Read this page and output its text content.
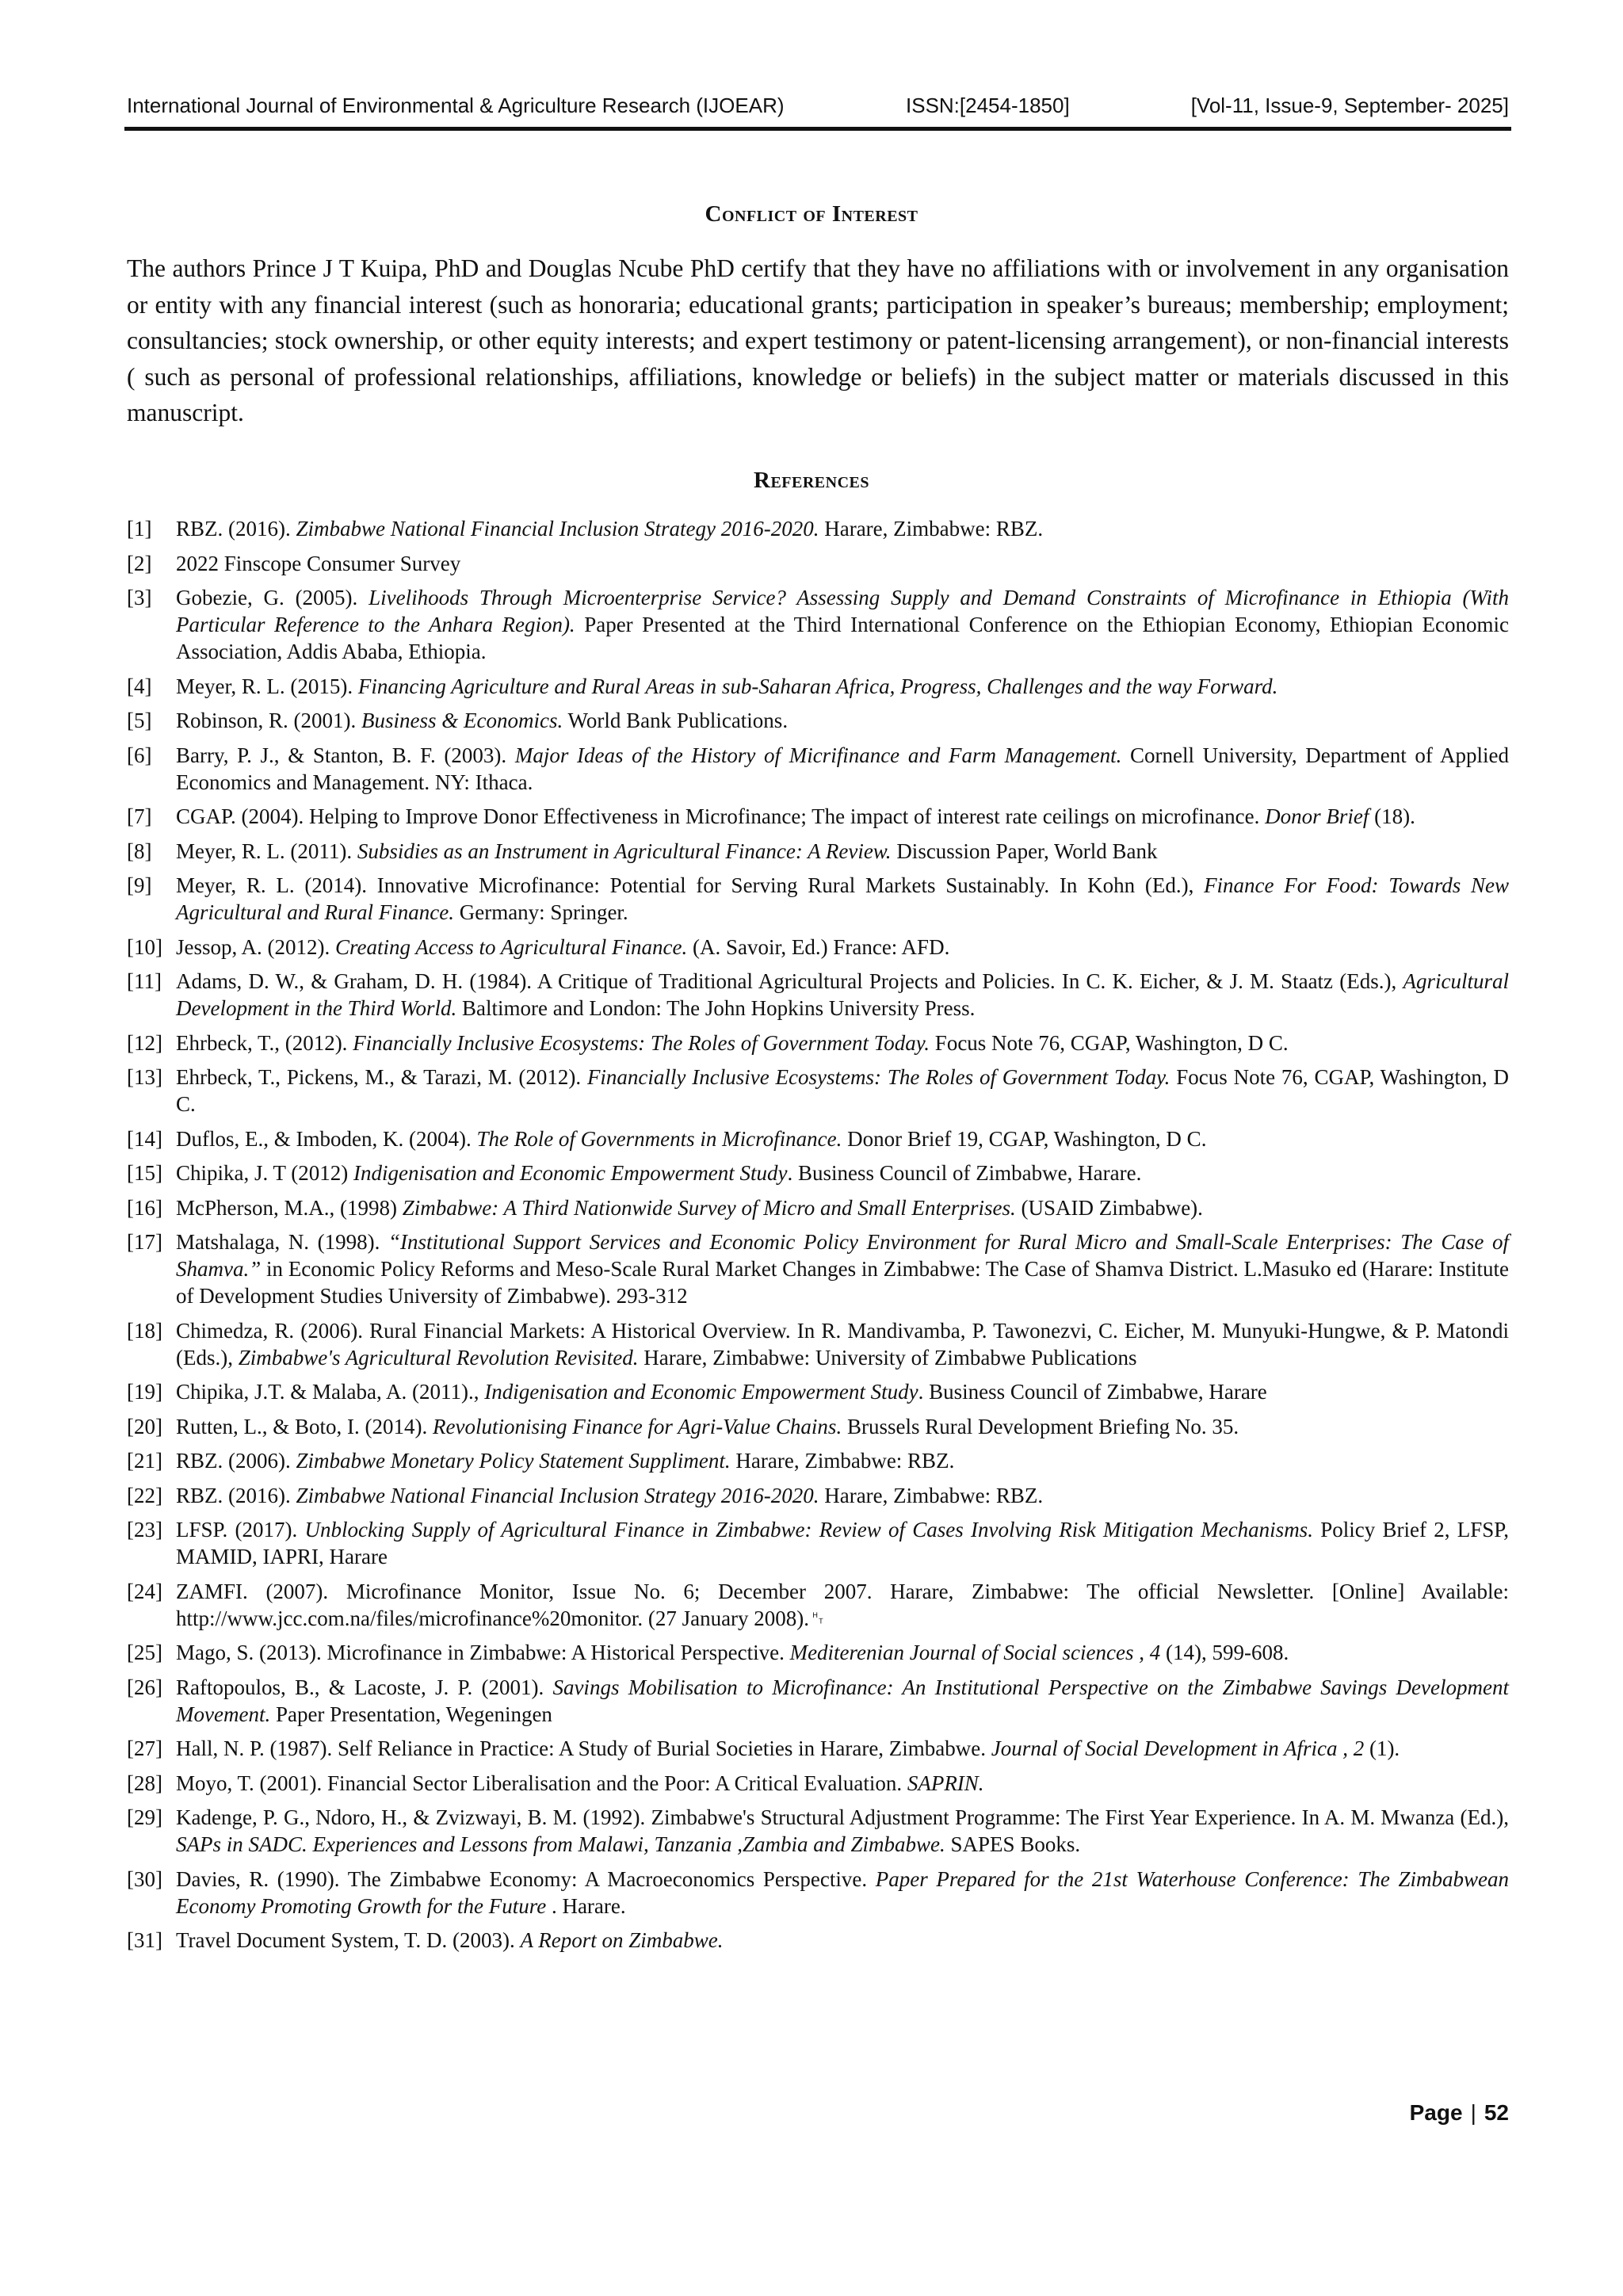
International Journal of Environmental & Agriculture Research (IJOEAR)	ISSN:[2454-1850]	[Vol-11, Issue-9, September- 2025]
Conflict of Interest
The authors Prince J T Kuipa, PhD and Douglas Ncube PhD certify that they have no affiliations with or involvement in any organisation or entity with any financial interest (such as honoraria; educational grants; participation in speaker’s bureaus; membership; employment; consultancies; stock ownership, or other equity interests; and expert testimony or patent-licensing arrangement), or non-financial interests ( such as personal of professional relationships, affiliations, knowledge or beliefs) in the subject matter or materials discussed in this manuscript.
References
[1]	RBZ. (2016). Zimbabwe National Financial Inclusion Strategy 2016-2020. Harare, Zimbabwe: RBZ.
[2]	2022 Finscope Consumer Survey
[3]	Gobezie, G. (2005). Livelihoods Through Microenterprise Service? Assessing Supply and Demand Constraints of Microfinance in Ethiopia (With Particular Reference to the Anhara Region). Paper Presented at the Third International Conference on the Ethiopian Economy, Ethiopian Economic Association, Addis Ababa, Ethiopia.
[4]	Meyer, R. L. (2015). Financing Agriculture and Rural Areas in sub-Saharan Africa, Progress, Challenges and the way Forward.
[5]	Robinson, R. (2001). Business & Economics. World Bank Publications.
[6]	Barry, P. J., & Stanton, B. F. (2003). Major Ideas of the History of Micrifinance and Farm Management. Cornell University, Department of Applied Economics and Management. NY: Ithaca.
[7]	CGAP. (2004). Helping to Improve Donor Effectiveness in Microfinance; The impact of interest rate ceilings on microfinance. Donor Brief (18).
[8]	Meyer, R. L. (2011). Subsidies as an Instrument in Agricultural Finance: A Review. Discussion Paper, World Bank
[9]	Meyer, R. L. (2014). Innovative Microfinance: Potential for Serving Rural Markets Sustainably. In Kohn (Ed.), Finance For Food: Towards New Agricultural and Rural Finance. Germany: Springer.
[10] Jessop, A. (2012). Creating Access to Agricultural Finance. (A. Savoir, Ed.) France: AFD.
[11] Adams, D. W., & Graham, D. H. (1984). A Critique of Traditional Agricultural Projects and Policies. In C. K. Eicher, & J. M. Staatz (Eds.), Agricultural Development in the Third World. Baltimore and London: The John Hopkins University Press.
[12] Ehrbeck, T., (2012). Financially Inclusive Ecosystems: The Roles of Government Today. Focus Note 76, CGAP, Washington, D C.
[13] Ehrbeck, T., Pickens, M., & Tarazi, M. (2012). Financially Inclusive Ecosystems: The Roles of Government Today. Focus Note 76, CGAP, Washington, D C.
[14] Duflos, E., & Imboden, K. (2004). The Role of Governments in Microfinance. Donor Brief 19, CGAP, Washington, D C.
[15] Chipika, J. T (2012) Indigenisation and Economic Empowerment Study. Business Council of Zimbabwe, Harare.
[16] McPherson, M.A., (1998) Zimbabwe: A Third Nationwide Survey of Micro and Small Enterprises. (USAID Zimbabwe).
[17] Matshalaga, N. (1998). “Institutional Support Services and Economic Policy Environment for Rural Micro and Small-Scale Enterprises: The Case of Shamva.” in Economic Policy Reforms and Meso-Scale Rural Market Changes in Zimbabwe: The Case of Shamva District. L.Masuko ed (Harare: Institute of Development Studies University of Zimbabwe). 293-312
[18] Chimedza, R. (2006). Rural Financial Markets: A Historical Overview. In R. Mandivamba, P. Tawonezvi, C. Eicher, M. Munyuki-Hungwe, & P. Matondi (Eds.), Zimbabwe's Agricultural Revolution Revisited. Harare, Zimbabwe: University of Zimbabwe Publications
[19] Chipika, J.T. & Malaba, A. (2011)., Indigenisation and Economic Empowerment Study. Business Council of Zimbabwe, Harare
[20] Rutten, L., & Boto, I. (2014). Revolutionising Finance for Agri-Value Chains. Brussels Rural Development Briefing No. 35.
[21] RBZ. (2006). Zimbabwe Monetary Policy Statement Suppliment. Harare, Zimbabwe: RBZ.
[22] RBZ. (2016). Zimbabwe National Financial Inclusion Strategy 2016-2020. Harare, Zimbabwe: RBZ.
[23] LFSP. (2017). Unblocking Supply of Agricultural Finance in Zimbabwe: Review of Cases Involving Risk Mitigation Mechanisms. Policy Brief 2, LFSP, MAMID, IAPRI, Harare
[24] ZAMFI. (2007). Microfinance Monitor, Issue No. 6; December 2007. Harare, Zimbabwe: The official Newsletter. [Online] Available: http://www.jcc.com.na/files/microfinance%20monitor. (27 January 2008).␉
[25] Mago, S. (2013). Microfinance in Zimbabwe: A Historical Perspective. Mediterenian Journal of Social sciences , 4 (14), 599-608.
[26] Raftopoulos, B., & Lacoste, J. P. (2001). Savings Mobilisation to Microfinance: An Institutional Perspective on the Zimbabwe Savings Development Movement. Paper Presentation, Wegeningen
[27] Hall, N. P. (1987). Self Reliance in Practice: A Study of Burial Societies in Harare, Zimbabwe. Journal of Social Development in Africa , 2 (1).
[28] Moyo, T. (2001). Financial Sector Liberalisation and the Poor: A Critical Evaluation. SAPRIN.
[29] Kadenge, P. G., Ndoro, H., & Zvizwayi, B. M. (1992). Zimbabwe's Structural Adjustment Programme: The First Year Experience. In A. M. Mwanza (Ed.), SAPs in SADC. Experiences and Lessons from Malawi, Tanzania ,Zambia and Zimbabwe. SAPES Books.
[30] Davies, R. (1990). The Zimbabwe Economy: A Macroeconomics Perspective. Paper Prepared for the 21st Waterhouse Conference: The Zimbabwean Economy Promoting Growth for the Future . Harare.
[31] Travel Document System, T. D. (2003). A Report on Zimbabwe.
Page | 52
